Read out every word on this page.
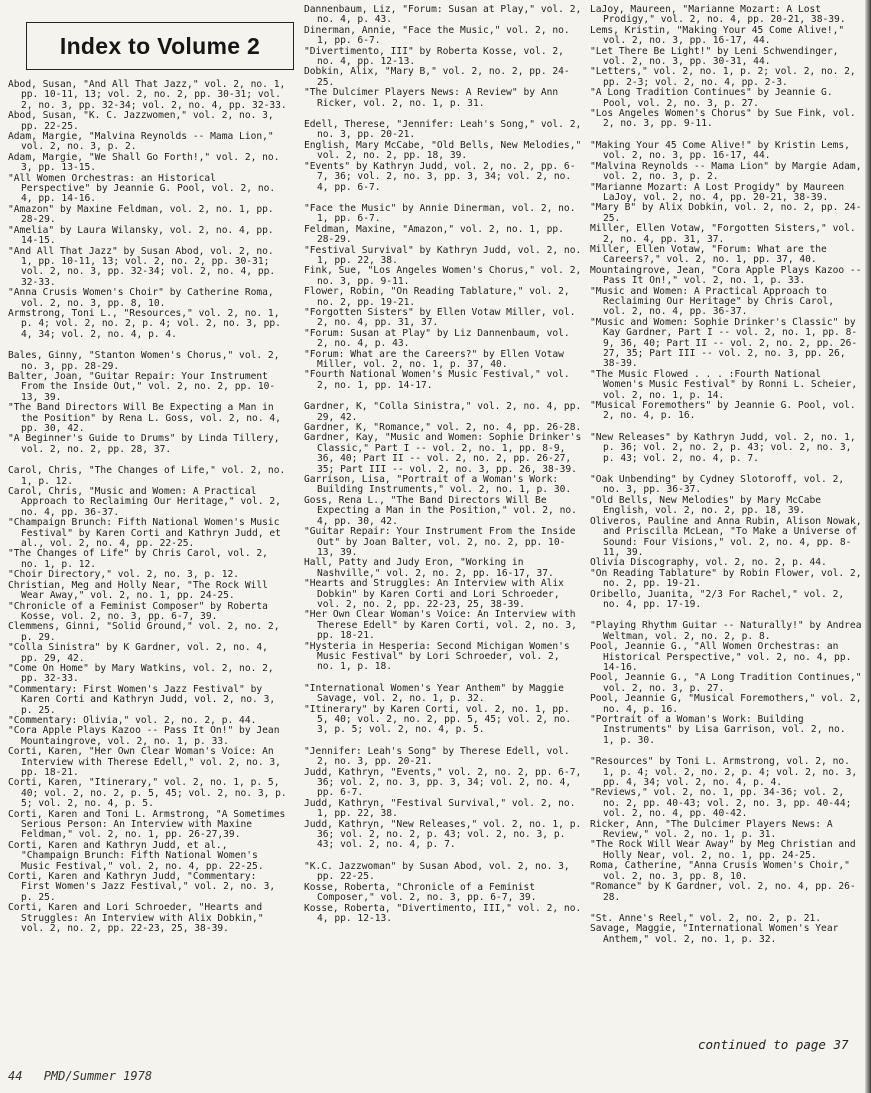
Index to Volume 2
Abod, Susan, "And All That Jazz," vol. 2, no. 1, pp. 10-11, 13; vol. 2, no. 2, pp. 30-31; vol. 2, no. 3, pp. 32-34; vol. 2, no. 4, pp. 32-33.
Abod, Susan, "K. C. Jazzwomen," vol. 2, no. 3, pp. 22-25.
Adam, Margie, "Malvina Reynolds -- Mama Lion," vol. 2, no. 3, p. 2.
Adam, Margie, "We Shall Go Forth!," vol. 2, no. 3, pp. 13-15.
"All Women Orchestras: an Historical Perspective" by Jeannie G. Pool, vol. 2, no. 4, pp. 14-16.
"Amazon" by Maxine Feldman, vol. 2, no. 1, pp. 28-29.
"Amelia" by Laura Wilansky, vol. 2, no. 4, pp. 14-15.
"And All That Jazz" by Susan Abod, vol. 2, no. 1, pp. 10-11, 13; vol. 2, no. 2, pp. 30-31; vol. 2, no. 3, pp. 32-34; vol. 2, no. 4, pp. 32-33.
"Anna Crusis Women's Choir" by Catherine Roma, vol. 2, no. 3, pp. 8, 10.
Armstrong, Toni L., "Resources," vol. 2, no. 1, p. 4; vol. 2, no. 2, p. 4; vol. 2, no. 3, pp. 4, 34; vol. 2, no. 4, p. 4.
Bales, Ginny, "Stanton Women's Chorus," vol. 2, no. 3, pp. 28-29.
Balter, Joan, "Guitar Repair: Your Instrument From the Inside Out," vol. 2, no. 2, pp. 10-13, 39.
"The Band Directors Will Be Expecting a Man in the Position" by Rena L. Goss, vol. 2, no. 4, pp. 30, 42.
"A Beginner's Guide to Drums" by Linda Tillery, vol. 2, no. 2, pp. 28, 37.
Carol, Chris, "The Changes of Life," vol. 2, no. 1, p. 12.
Carol, Chris, "Music and Women: A Practical Approach to Reclaiming Our Heritage," vol. 2, no. 4, pp. 36-37.
"Champaign Brunch: Fifth National Women's Music Festival" by Karen Corti and Kathryn Judd, et al., vol. 2, no. 4, pp. 22-25.
"The Changes of Life" by Chris Carol, vol. 2, no. 1, p. 12.
"Choir Directory," vol. 2, no. 3, p. 12.
Christian, Meg and Holly Near, "The Rock Will Wear Away," vol. 2, no. 1, pp. 24-25.
"Chronicle of a Feminist Composer" by Roberta Kosse, vol. 2, no. 3, pp. 6-7, 39.
Clemmens, Ginni, "Solid Ground," vol. 2, no. 2, p. 29.
"Colla Sinistra" by K Gardner, vol. 2, no. 4, pp. 29, 42.
"Come On Home" by Mary Watkins, vol. 2, no. 2, pp. 32-33.
"Commentary: First Women's Jazz Festival" by Karen Corti and Kathryn Judd, vol. 2, no. 3, p. 25.
"Commentary: Olivia," vol. 2, no. 2, p. 44.
"Cora Apple Plays Kazoo -- Pass It On!" by Jean Mountaingrove, vol. 2, no. 1, p. 33.
Corti, Karen, "Her Own Clear Woman's Voice: An Interview with Therese Edell," vol. 2, no. 3, pp. 18-21.
Corti, Karen, "Itinerary," vol. 2, no. 1, p. 5, 40; vol. 2, no. 2, p. 5, 45; vol. 2, no. 3, p. 5; vol. 2, no. 4, p. 5.
Corti, Karen and Toni L. Armstrong, "A Sometimes Serious Person: An Interview with Maxine Feldman," vol. 2, no. 1, pp. 26-27,39.
Corti, Karen and Kathryn Judd, et al., "Champaign Brunch: Fifth National Women's Music Festival," vol. 2, no. 4, pp. 22-25.
Corti, Karen and Kathryn Judd, "Commentary: First Women's Jazz Festival," vol. 2, no. 3, p. 25.
Corti, Karen and Lori Schroeder, "Hearts and Struggles: An Interview with Alix Dobkin," vol. 2, no. 2, pp. 22-23, 25, 38-39.
Dannenbaum, Liz, "Forum: Susan at Play," vol. 2, no. 4, p. 43.
Dinerman, Annie, "Face the Music," vol. 2, no. 1, pp. 6-7.
"Divertimento, III" by Roberta Kosse, vol. 2, no. 4, pp. 12-13.
Dobkin, Alix, "Mary B," vol. 2, no. 2, pp. 24-25.
"The Dulcimer Players News: A Review" by Ann Ricker, vol. 2, no. 1, p. 31.
Edell, Therese, "Jennifer: Leah's Song," vol. 2, no. 3, pp. 20-21.
English, Mary McCabe, "Old Bells, New Melodies," vol. 2, no. 2, pp. 18, 39.
"Events" by Kathryn Judd, vol. 2, no. 2, pp. 6-7, 36; vol. 2, no. 3, pp. 3, 34; vol. 2, no. 4, pp. 6-7.
"Face the Music" by Annie Dinerman, vol. 2, no. 1, pp. 6-7.
Feldman, Maxine, "Amazon," vol. 2, no. 1, pp. 28-29.
"Festival Survival" by Kathryn Judd, vol. 2, no. 1, pp. 22, 38.
Fink, Sue, "Los Angeles Women's Chorus," vol. 2, no. 3, pp. 9-11.
Flower, Robin, "On Reading Tablature," vol. 2, no. 2, pp. 19-21.
"Forgotten Sisters" by Ellen Votaw Miller, vol. 2, no. 4, pp. 31, 37.
"Forum: Susan at Play" by Liz Dannenbaum, vol. 2, no. 4, p. 43.
"Forum: What are the Careers?" by Ellen Votaw Miller, vol. 2, no. 1, p. 37, 40.
"Fourth National Women's Music Festival," vol. 2, no. 1, pp. 14-17.
Gardner, K, "Colla Sinistra," vol. 2, no. 4, pp. 29, 42.
Gardner, K, "Romance," vol. 2, no. 4, pp. 26-28.
Gardner, Kay, "Music and Women: Sophie Drinker's Classic," Part I -- vol. 2, no. 1, pp. 8-9, 36, 40; Part II -- vol. 2, no. 2, pp. 26-27, 35; Part III -- vol. 2, no. 3, pp. 26, 38-39.
Garrison, Lisa, "Portrait of a Woman's Work: Building Instruments," vol. 2, no. 1, p. 30.
Goss, Rena L., "The Band Directors Will Be Expecting a Man in the Position," vol. 2, no. 4, pp. 30, 42.
"Guitar Repair: Your Instrument From the Inside Out" by Joan Balter, vol. 2, no. 2, pp. 10-13, 39.
Hall, Patty and Judy Eron, "Working in Nashville," vol. 2, no. 2, pp. 16-17, 37.
"Hearts and Struggles: An Interview with Alix Dobkin" by Karen Corti and Lori Schroeder, vol. 2, no. 2, pp. 22-23, 25, 38-39.
"Her Own Clear Woman's Voice: An Interview with Therese Edell" by Karen Corti, vol. 2, no. 3, pp. 18-21.
"Hysteria in Hesperia: Second Michigan Women's Music Festival" by Lori Schroeder, vol. 2, no. 1, p. 18.
"International Women's Year Anthem" by Maggie Savage, vol. 2, no. 1, p. 32.
"Itinerary" by Karen Corti, vol. 2, no. 1, pp. 5, 40; vol. 2, no. 2, pp. 5, 45; vol. 2, no. 3, p. 5; vol. 2, no. 4, p. 5.
"Jennifer: Leah's Song" by Therese Edell, vol. 2, no. 3, pp. 20-21.
Judd, Kathryn, "Events," vol. 2, no. 2, pp. 6-7, 36; vol. 2, no. 3, pp. 3, 34; vol. 2, no. 4, pp. 6-7.
Judd, Kathryn, "Festival Survival," vol. 2, no. 1, pp. 22, 38.
Judd, Kathryn, "New Releases," vol. 2, no. 1, p. 36; vol. 2, no. 2, p. 43; vol. 2, no. 3, p. 43; vol. 2, no. 4, p. 7.
"K.C. Jazzwoman" by Susan Abod, vol. 2, no. 3, pp. 22-25.
Kosse, Roberta, "Chronicle of a Feminist Composer," vol. 2, no. 3, pp. 6-7, 39.
Kosse, Roberta, "Divertimento, III," vol. 2, no. 4, pp. 12-13.
LaJoy, Maureen, "Marianne Mozart: A Lost Prodigy," vol. 2, no. 4, pp. 20-21, 38-39.
Lems, Kristin, "Making Your 45 Come Alive!," vol. 2, no. 3, pp. 16-17, 44.
"Let There Be Light!" by Leni Schwendinger, vol. 2, no. 3, pp. 30-31, 44.
"Letters," vol. 2, no. 1, p. 2; vol. 2, no. 2, pp. 2-3; vol. 2, no. 4, pp. 2-3.
"A Long Tradition Continues" by Jeannie G. Pool, vol. 2, no. 3, p. 27.
"Los Angeles Women's Chorus" by Sue Fink, vol. 2, no. 3, pp. 9-11.
"Making Your 45 Come Alive!" by Kristin Lems, vol. 2, no. 3, pp. 16-17, 44.
"Malvina Reynolds -- Mama Lion" by Margie Adam, vol. 2, no. 3, p. 2.
"Marianne Mozart: A Lost Progidy" by Maureen LaJoy, vol. 2, no. 4, pp. 20-21, 38-39.
"Mary B" by Alix Dobkin, vol. 2, no. 2, pp. 24-25.
Miller, Ellen Votaw, "Forgotten Sisters," vol. 2, no. 4, pp. 31, 37.
Miller, Ellen Votaw, "Forum: What are the Careers?," vol. 2, no. 1, pp. 37, 40.
Mountaingrove, Jean, "Cora Apple Plays Kazoo -- Pass It On!," vol. 2, no. 1, p. 33.
"Music and Women: A Practical Approach to Reclaiming Our Heritage" by Chris Carol, vol. 2, no. 4, pp. 36-37.
"Music and Women: Sophie Drinker's Classic" by Kay Gardner, Part I -- vol. 2, no. 1, pp. 8-9, 36, 40; Part II -- vol. 2, no. 2, pp. 26-27, 35; Part III -- vol. 2, no. 3, pp. 26, 38-39.
"The Music Flowed . . . :Fourth National Women's Music Festival" by Ronni L. Scheier, vol. 2, no. 1, p. 14.
"Musical Foremothers" by Jeannie G. Pool, vol. 2, no. 4, p. 16.
"New Releases" by Kathryn Judd, vol. 2, no. 1, p. 36; vol. 2, no. 2, p. 43; vol. 2, no. 3, p. 43; vol. 2, no. 4, p. 7.
"Oak Unbending" by Cydney Slotoroff, vol. 2, no. 3, pp. 36-37.
"Old Bells, New Melodies" by Mary McCabe English, vol. 2, no. 2, pp. 18, 39.
Oliveros, Pauline and Anna Rubin, Alison Nowak, and Priscilla McLean, "To Make a Universe of Sound: Four Visions," vol. 2, no. 4, pp. 8-11, 39.
Olivia Discography, vol. 2, no. 2, p. 44.
"On Reading Tablature" by Robin Flower, vol. 2, no. 2, pp. 19-21.
Oribello, Juanita, "2/3 For Rachel," vol. 2, no. 4, pp. 17-19.
"Playing Rhythm Guitar -- Naturally!" by Andrea Weltman, vol. 2, no. 2, p. 8.
Pool, Jeannie G., "All Women Orchestras: an Historical Perspective," vol. 2, no. 4, pp. 14-16.
Pool, Jeannie G., "A Long Tradition Continues," vol. 2, no. 3, p. 27.
Pool, Jeannie G, "Musical Foremothers," vol. 2, no. 4, p. 16.
"Portrait of a Woman's Work: Building Instruments" by Lisa Garrison, vol. 2, no. 1, p. 30.
"Resources" by Toni L. Armstrong, vol. 2, no. 1, p. 4; vol. 2, no. 2, p. 4; vol. 2, no. 3, pp. 4, 34; vol. 2, no. 4, p. 4.
"Reviews," vol. 2, no. 1, pp. 34-36; vol. 2, no. 2, pp. 40-43; vol. 2, no. 3, pp. 40-44; vol. 2, no. 4, pp. 40-42.
Ricker, Ann, "The Dulcimer Players News: A Review," vol. 2, no. 1, p. 31.
"The Rock Will Wear Away" by Meg Christian and Holly Near, vol. 2, no. 1, pp. 24-25.
Roma, Catherine, "Anna Crusis Women's Choir," vol. 2, no. 3, pp. 8, 10.
"Romance" by K Gardner, vol. 2, no. 4, pp. 26-28.
"St. Anne's Reel," vol. 2, no. 2, p. 21.
Savage, Maggie, "International Women's Year Anthem," vol. 2, no. 1, p. 32.
continued to page 37
44 PMD/Summer 1978
